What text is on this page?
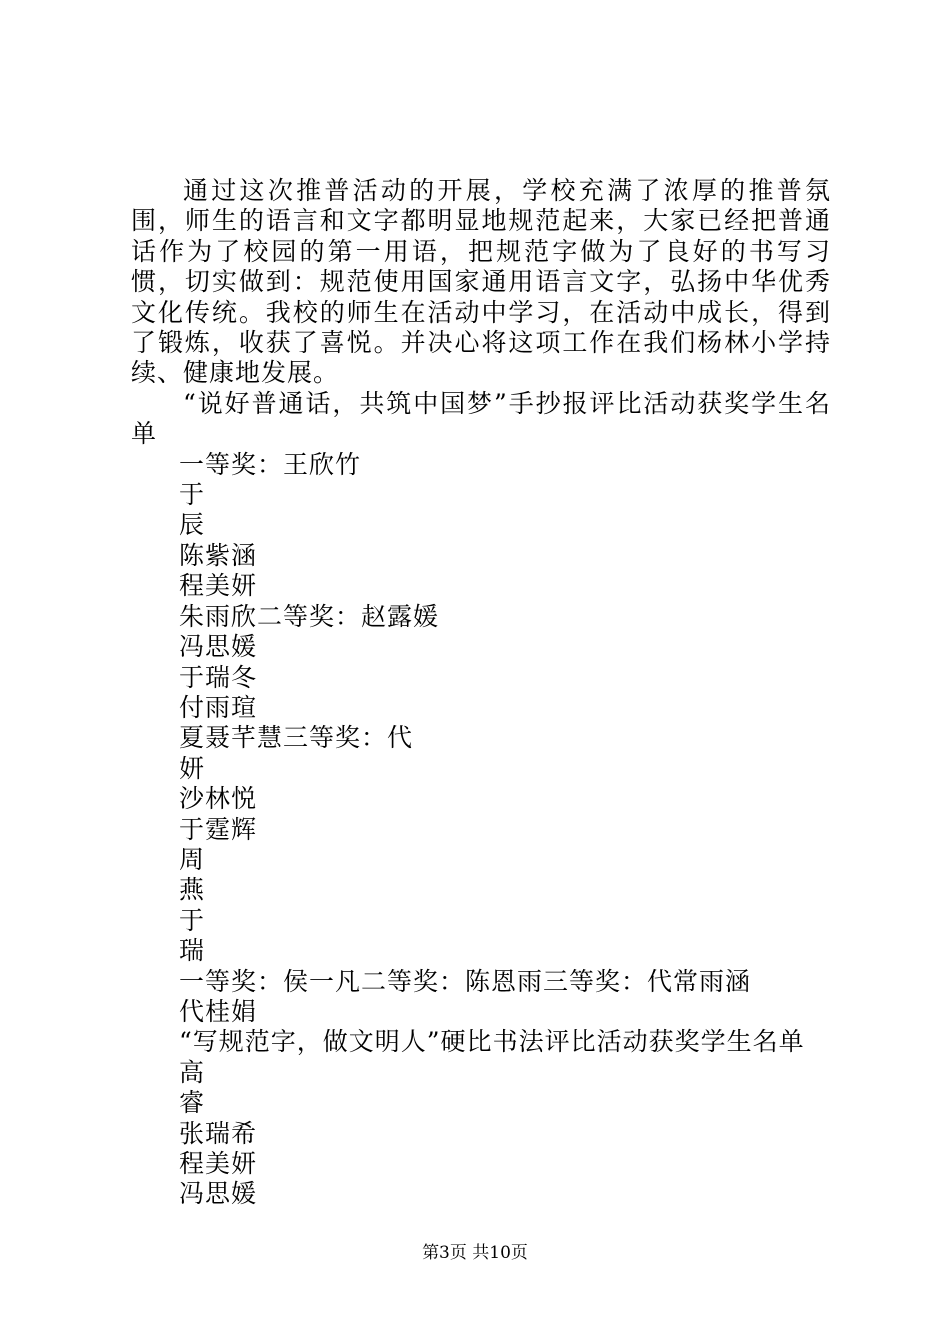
通过这次推普活动的开展，学校充满了浓厚的推普氛围，师生的语言和文字都明显地规范起来，大家已经把普通话作为了校园的第一用语，把规范字做为了良好的书写习惯，切实做到：规范使用国家通用语言文字，弘扬中华优秀文化传统。我校的师生在活动中学习，在活动中成长，得到了锻炼，收获了喜悦。并决心将这项工作在我们杨林小学持续、健康地发展。

“说好普通话，共筑中国梦”手抄报评比活动获奖学生名单

一等奖：王欣竹

于

辰

陈紫涵

程美妍

朱雨欣二等奖：赵露媛

冯思媛

于瑞冬

付雨瑄

夏聂芊慧三等奖：代

妍

沙林悦

于霆辉

周

燕

于

瑞

一等奖：侯一凡二等奖：陈恩雨三等奖：代常雨涵

代桂娟

“写规范字，做文明人”硬比书法评比活动获奖学生名单

高

睿

张瑞希

程美妍

冯思媛

第3页 共10页
